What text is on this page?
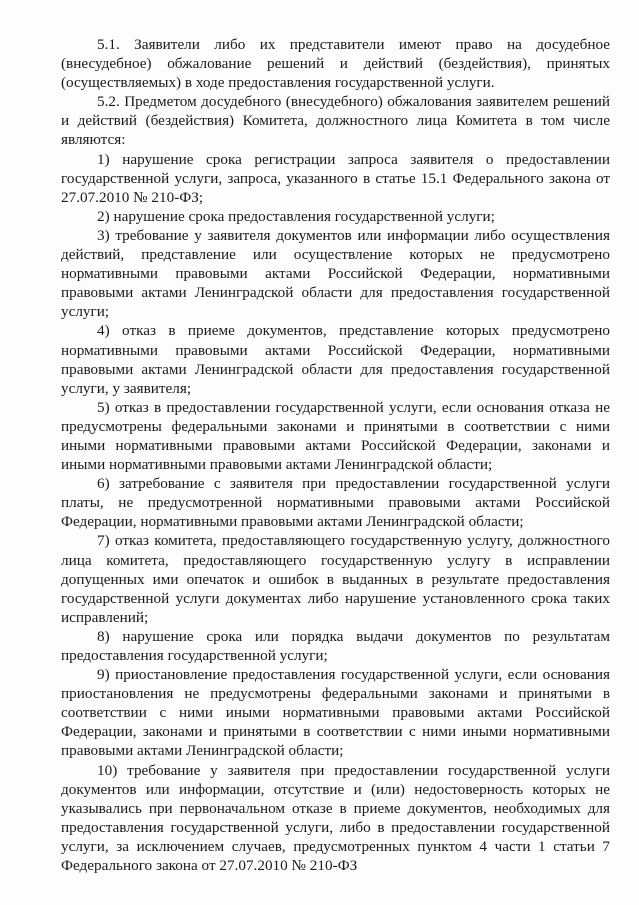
5.1. Заявители либо их представители имеют право на досудебное (внесудебное) обжалование решений и действий (бездействия), принятых (осуществляемых) в ходе предоставления государственной услуги.

5.2. Предметом досудебного (внесудебного) обжалования заявителем решений и действий (бездействия) Комитета, должностного лица Комитета в том числе являются:

1) нарушение срока регистрации запроса заявителя о предоставлении государственной услуги, запроса, указанного в статье 15.1 Федерального закона от 27.07.2010 № 210-ФЗ;

2) нарушение срока предоставления государственной услуги;

3) требование у заявителя документов или информации либо осуществления действий, представление или осуществление которых не предусмотрено нормативными правовыми актами Российской Федерации, нормативными правовыми актами Ленинградской области для предоставления государственной услуги;

4) отказ в приеме документов, представление которых предусмотрено нормативными правовыми актами Российской Федерации, нормативными правовыми актами Ленинградской области для предоставления государственной услуги, у заявителя;

5) отказ в предоставлении государственной услуги, если основания отказа не предусмотрены федеральными законами и принятыми в соответствии с ними иными нормативными правовыми актами Российской Федерации, законами и иными нормативными правовыми актами Ленинградской области;

6) затребование с заявителя при предоставлении государственной услуги платы, не предусмотренной нормативными правовыми актами Российской Федерации, нормативными правовыми актами Ленинградской области;

7) отказ комитета, предоставляющего государственную услугу, должностного лица комитета, предоставляющего государственную услугу в исправлении допущенных ими опечаток и ошибок в выданных в результате предоставления государственной услуги документах либо нарушение установленного срока таких исправлений;

8) нарушение срока или порядка выдачи документов по результатам предоставления государственной услуги;

9) приостановление предоставления государственной услуги, если основания приостановления не предусмотрены федеральными законами и принятыми в соответствии с ними иными нормативными правовыми актами Российской Федерации, законами и принятыми в соответствии с ними иными нормативными правовыми актами Ленинградской области;

10) требование у заявителя при предоставлении государственной услуги документов или информации, отсутствие и (или) недостоверность которых не указывались при первоначальном отказе в приеме документов, необходимых для предоставления государственной услуги, либо в предоставлении государственной услуги, за исключением случаев, предусмотренных пунктом 4 части 1 статьи 7 Федерального закона от 27.07.2010 № 210-ФЗ
